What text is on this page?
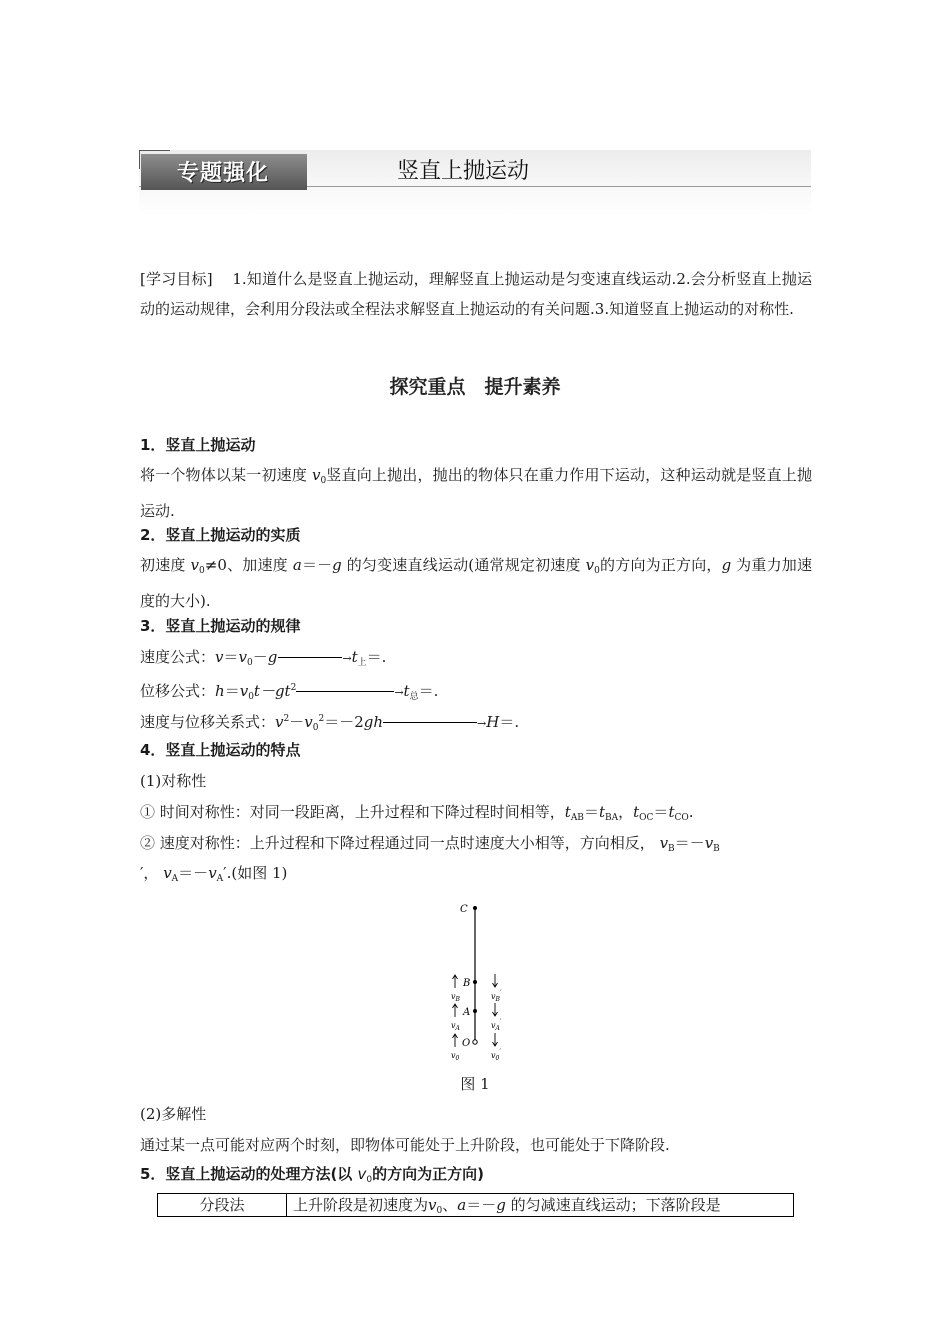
专题强化	竖直上抛运动
[学习目标] 1.知道什么是竖直上抛运动，理解竖直上抛运动是匀变速直线运动.2.会分析竖直上抛运动的运动规律，会利用分段法或全程法求解竖直上抛运动的有关问题.3.知道竖直上抛运动的对称性.
探究重点　提升素养
1．竖直上抛运动
将一个物体以某一初速度 $v_0$竖直向上抛出，抛出的物体只在重力作用下运动，这种运动就是竖直上抛运动.
2．竖直上抛运动的实质
初速度 $v_0\ne 0$、加速度 a＝－g 的匀变速直线运动(通常规定初速度 $v_0$的方向为正方向，g 为重力加速度的大小).
3．竖直上抛运动的规律
速度公式：$v=v_0-g$	$\to t_上=$.
位移公式：$h=v_0t-gt^2$	$\to t_总=$.
速度与位移关系式：$v^2-v_0^2=-2gh$	→H＝.
4．竖直上抛运动的特点
(1)对称性
① 时间对称性：对同一段距离，上升过程和下降过程时间相等，$t_{AB}=t_{BA}$，$t_{OC}=t_{CO}$.
② 速度对称性：上升过程和下降过程通过同一点时速度大小相等，方向相反， $v_B=-v_B$
′， $v_A=-v_A'$.(如图 1)
C
B
A
O
$v_B$
$v_A$
$v_0$
$v_B'$
$v_A'$
$v_0'$
图 1
(2)多解性
通过某一点可能对应两个时刻，即物体可能处于上升阶段，也可能处于下降阶段.
5．竖直上抛运动的处理方法(以 $v_0$的方向为正方向)
分段法	上升阶段是初速度为$v_0$、a＝－g 的匀减速直线运动；下落阶段是
